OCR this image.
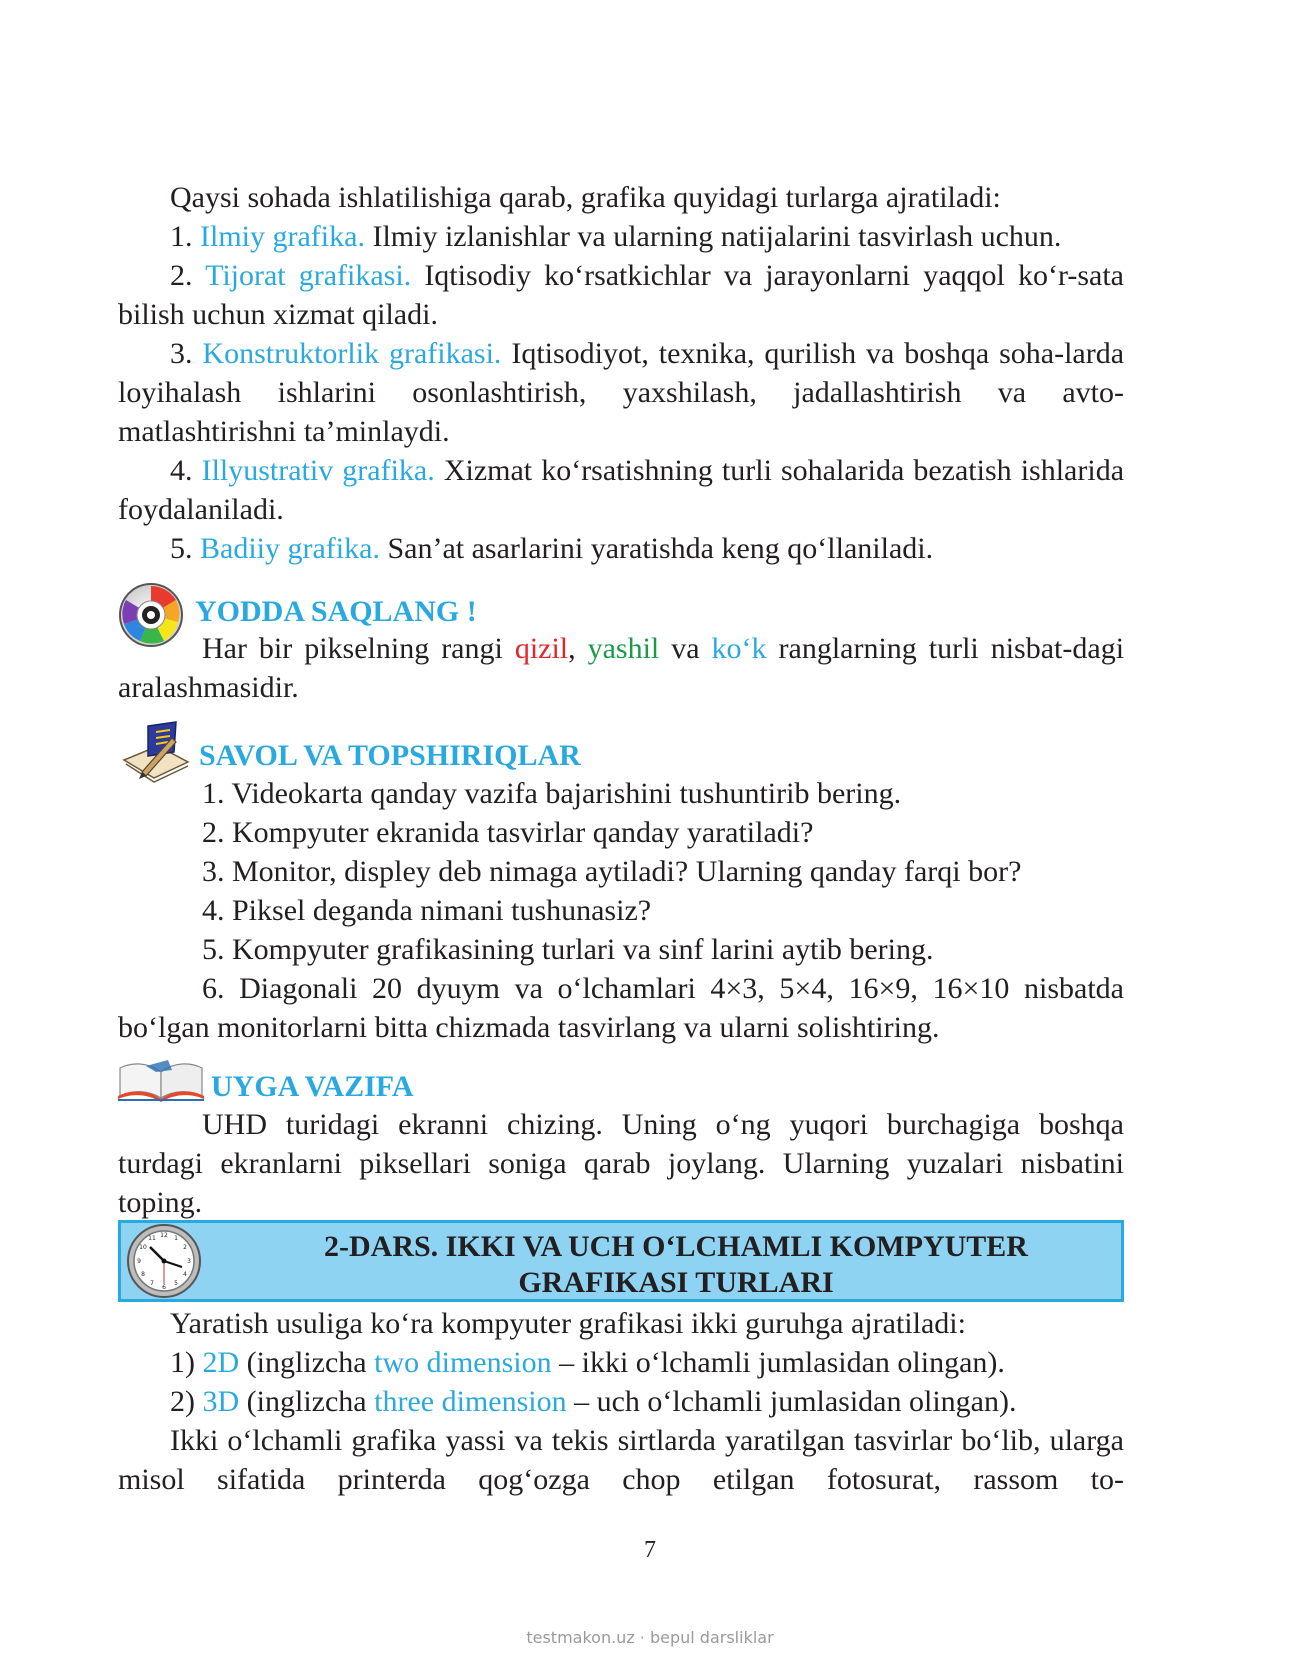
Qaysi sohada ishlatilishiga qarab, grafika quyidagi turlarga ajratiladi:

1. Ilmiy grafika. Ilmiy izlanishlar va ularning natijalarini tasvirlash uchun.

2. Tijorat grafikasi. Iqtisodiy ko‘rsatkichlar va jarayonlarni yaqqol ko‘r-sata bilish uchun xizmat qiladi.

3. Konstruktorlik grafikasi. Iqtisodiyot, texnika, qurilish va boshqa soha-larda loyihalash ishlarini osonlashtirish, yaxshilash, jadallashtirish va avto-matlashtirishni ta’minlaydi.

4. Illyustrativ grafika. Xizmat ko‘rsatishning turli sohalarida bezatish ishlarida foydalaniladi.

5. Badiiy grafika. San’at asarlarini yaratishda keng qo‘llaniladi.

YODDA SAQLANG !

Har bir pikselning rangi qizil, yashil va ko‘k ranglarning turli nisbat-dagi aralashmasidir.

SAVOL VA TOPSHIRIQLAR

1. Videokarta qanday vazifa bajarishini tushuntirib bering.

2. Kompyuter ekranida tasvirlar qanday yaratiladi?

3. Monitor, displey deb nimaga aytiladi? Ularning qanday farqi bor?

4. Piksel deganda nimani tushunasiz?

5. Kompyuter grafikasining turlari va sinf larini aytib bering.

6. Diagonali 20 dyuym va o‘lchamlari 4×3, 5×4, 16×9, 16×10 nisbatda bo‘lgan monitorlarni bitta chizmada tasvirlang va ularni solishtiring.

UYGA VAZIFA

UHD turidagi ekranni chizing. Uning o‘ng yuqori burchagiga boshqa turdagi ekranlarni piksellari soniga qarab joylang. Ularning yuzalari nisbatini toping.

2-DARS. IKKI VA UCH O‘LCHAMLI KOMPYUTER
GRAFIKASI TURLARI
12 1
2
3
4
5
6
7
8
9
10
11

Yaratish usuliga ko‘ra kompyuter grafikasi ikki guruhga ajratiladi:

1) 2D (inglizcha two dimension – ikki o‘lchamli jumlasidan olingan).

2) 3D (inglizcha three dimension – uch o‘lchamli jumlasidan olingan).

Ikki o‘lchamli grafika yassi va tekis sirtlarda yaratilgan tasvirlar bo‘lib, ularga misol sifatida printerda qog‘ozga chop etilgan fotosurat, rassom to-

7
testmakon.uz · bepul darsliklar
